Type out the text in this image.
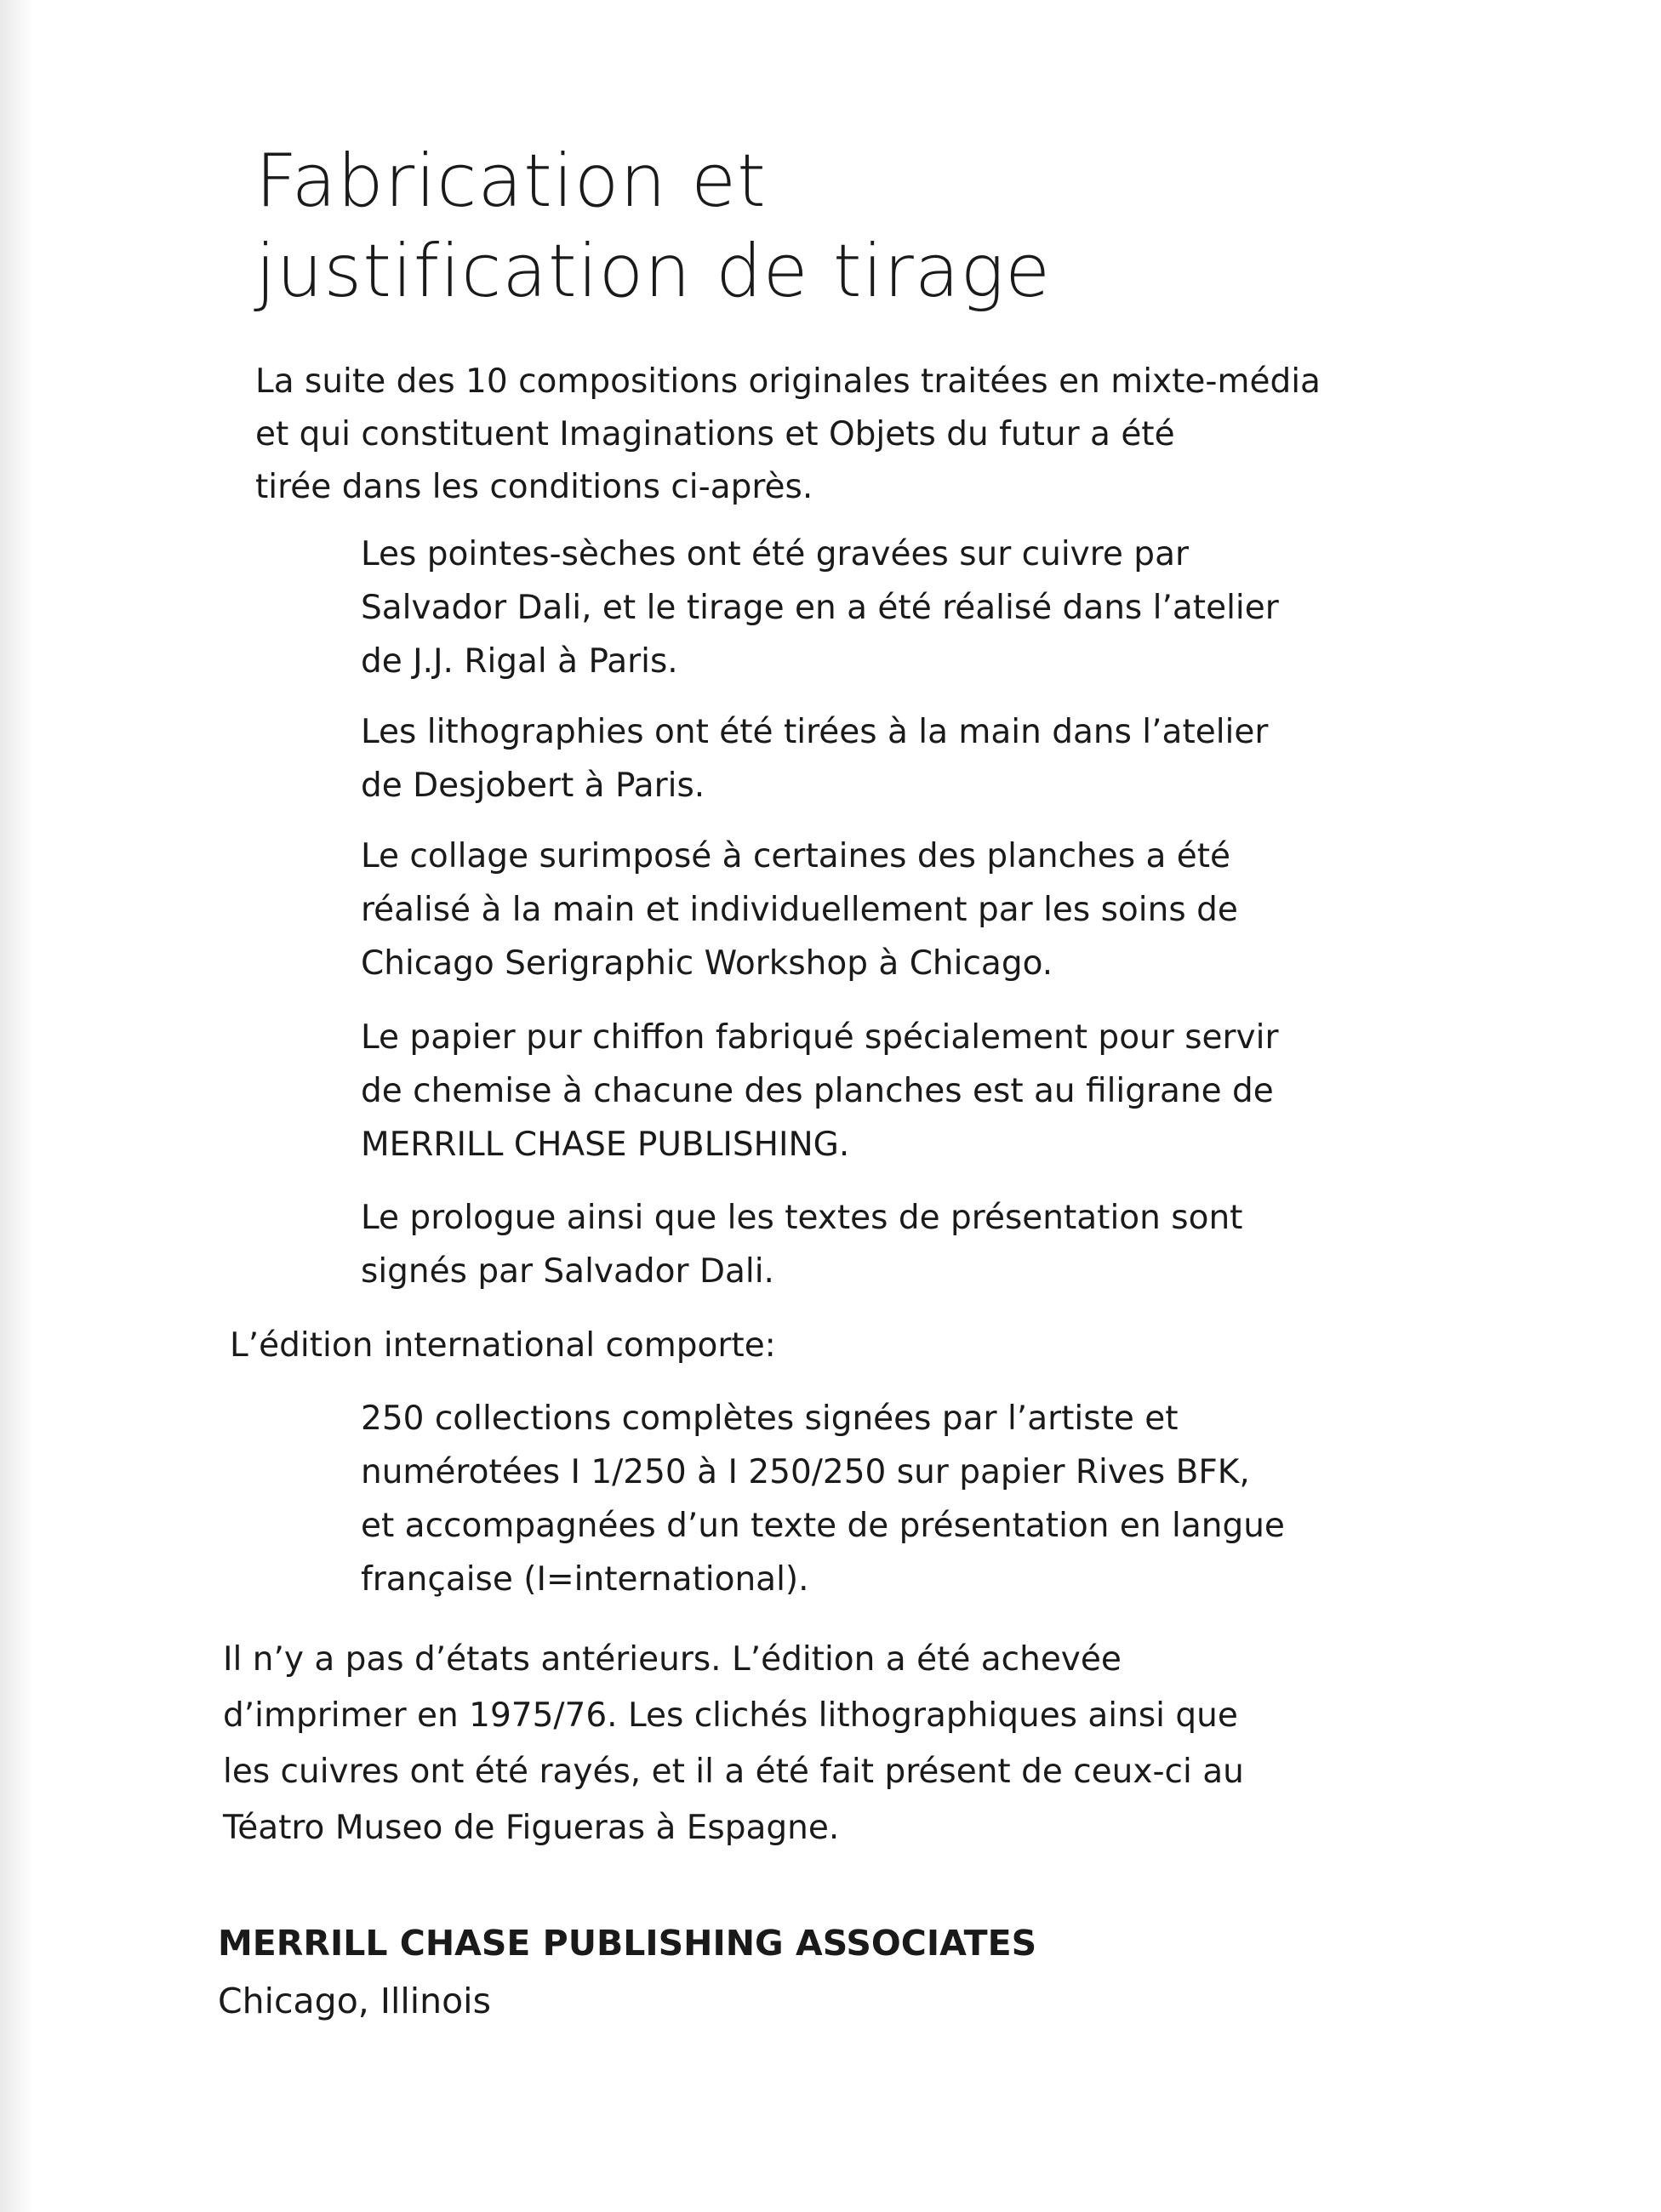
Fabrication et
justification de tirage

La suite des 10 compositions originales traitées en mixte-média
et qui constituent Imaginations et Objets du futur a été
tirée dans les conditions ci-après.

Les pointes-sèches ont été gravées sur cuivre par
Salvador Dali, et le tirage en a été réalisé dans l’atelier
de J.J. Rigal à Paris.

Les lithographies ont été tirées à la main dans l’atelier
de Desjobert à Paris.

Le collage surimposé à certaines des planches a été
réalisé à la main et individuellement par les soins de
Chicago Serigraphic Workshop à Chicago.

Le papier pur chiffon fabriqué spécialement pour servir
de chemise à chacune des planches est au filigrane de
MERRILL CHASE PUBLISHING.

Le prologue ainsi que les textes de présentation sont
signés par Salvador Dali.

L’édition international comporte:

250 collections complètes signées par l’artiste et
numérotées I 1/250 à I 250/250 sur papier Rives BFK,
et accompagnées d’un texte de présentation en langue
française (I=international).

Il n’y a pas d’états antérieurs. L’édition a été achevée
d’imprimer en 1975/76. Les clichés lithographiques ainsi que
les cuivres ont été rayés, et il a été fait présent de ceux-ci au
Téatro Museo de Figueras à Espagne.

MERRILL CHASE PUBLISHING ASSOCIATES

Chicago, Illinois
